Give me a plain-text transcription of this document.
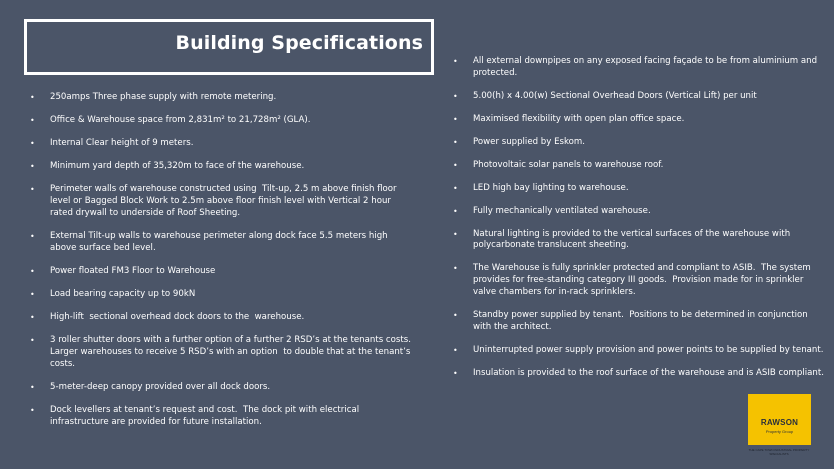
Building Specifications
• 250amps Three phase supply with remote metering.
• Office & Warehouse space from 2,831m² to 21,728m² (GLA).
• Internal Clear height of 9 meters.
• Minimum yard depth of 35,320m to face of the warehouse.
• Perimeter walls of warehouse constructed using  Tilt-up, 2.5 m above finish floor level or Bagged Block Work to 2.5m above floor finish level with Vertical 2 hour rated drywall to underside of Roof Sheeting.
• External Tilt-up walls to warehouse perimeter along dock face 5.5 meters high above surface bed level.
• Power floated FM3 Floor to Warehouse
• Load bearing capacity up to 90kN
• High-lift  sectional overhead dock doors to the  warehouse.
• 3 roller shutter doors with a further option of a further 2 RSD’s at the tenants costs.  Larger warehouses to receive 5 RSD’s with an option  to double that at the tenant’s costs.
• 5-meter-deep canopy provided over all dock doors.
• Dock levellers at tenant’s request and cost.  The dock pit with electrical infrastructure are provided for future installation.
• All external downpipes on any exposed facing façade to be from aluminium and protected.
• 5.00(h) x 4.00(w) Sectional Overhead Doors (Vertical Lift) per unit
• Maximised flexibility with open plan office space.
• Power supplied by Eskom.
• Photovoltaic solar panels to warehouse roof.
• LED high bay lighting to warehouse.
• Fully mechanically ventilated warehouse.
• Natural lighting is provided to the vertical surfaces of the warehouse with polycarbonate translucent sheeting.
• The Warehouse is fully sprinkler protected and compliant to ASIB.  The system provides for free-standing category III goods.  Provision made for in sprinkler valve chambers for in-rack sprinklers.
• Standby power supplied by tenant.  Positions to be determined in conjunction with the architect.
• Uninterrupted power supply provision and power points to be supplied by tenant.
• Insulation is provided to the roof surface of the warehouse and is ASIB compliant.
RAWSON
Property Group
THE CAPE TOWN INDUSTRIAL PROPERTY SPECIALISTS
